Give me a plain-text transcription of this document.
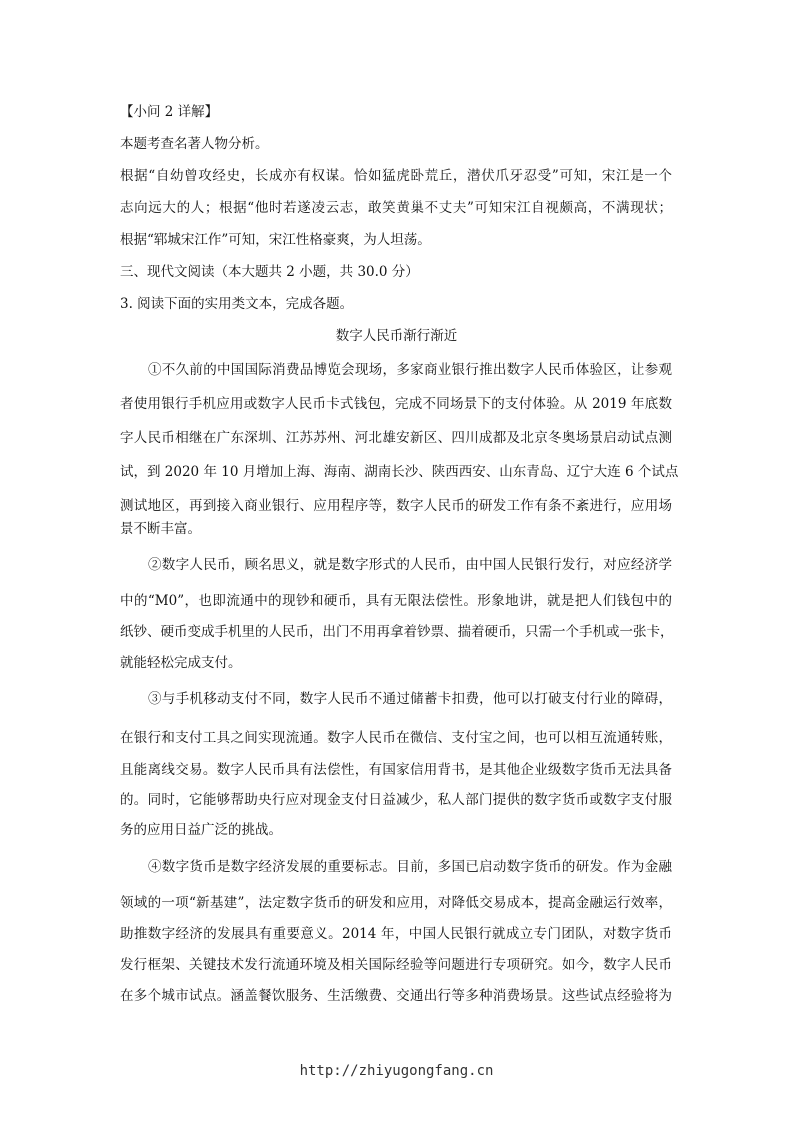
【小问 2 详解】
本题考查名著人物分析。
根据“自幼曾攻经史，长成亦有权谋。恰如猛虎卧荒丘，潜伏爪牙忍受”可知，宋江是一个
志向远大的人；根据“他时若遂凌云志，敢笑黄巢不丈夫”可知宋江自视颇高，不满现状；
根据“郓城宋江作”可知，宋江性格豪爽，为人坦荡。
三、现代文阅读（本大题共 2 小题，共 30.0 分）
3. 阅读下面的实用类文本，完成各题。
数字人民币渐行渐近
①不久前的中国国际消费品博览会现场，多家商业银行推出数字人民币体验区，让参观
者使用银行手机应用或数字人民币卡式钱包，完成不同场景下的支付体验。从 2019 年底数
字人民币相继在广东深圳、江苏苏州、河北雄安新区、四川成都及北京冬奥场景启动试点测
试，到 2020 年 10 月增加上海、海南、湖南长沙、陕西西安、山东青岛、辽宁大连 6 个试点
测试地区，再到接入商业银行、应用程序等，数字人民币的研发工作有条不紊进行，应用场
景不断丰富。
②数字人民币，顾名思义，就是数字形式的人民币，由中国人民银行发行，对应经济学
中的“M0”，也即流通中的现钞和硬币，具有无限法偿性。形象地讲，就是把人们钱包中的
纸钞、硬币变成手机里的人民币，出门不用再拿着钞票、揣着硬币，只需一个手机或一张卡，
就能轻松完成支付。
③与手机移动支付不同，数字人民币不通过储蓄卡扣费，他可以打破支付行业的障碍，
在银行和支付工具之间实现流通。数字人民币在微信、支付宝之间，也可以相互流通转账，
且能离线交易。数字人民币具有法偿性，有国家信用背书，是其他企业级数字货币无法具备
的。同时，它能够帮助央行应对现金支付日益减少，私人部门提供的数字货币或数字支付服
务的应用日益广泛的挑战。
④数字货币是数字经济发展的重要标志。目前，多国已启动数字货币的研发。作为金融
领域的一项“新基建”，法定数字货币的研发和应用，对降低交易成本，提高金融运行效率，
助推数字经济的发展具有重要意义。2014 年，中国人民银行就成立专门团队，对数字货币
发行框架、关键技术发行流通环境及相关国际经验等问题进行专项研究。如今，数字人民币
在多个城市试点。涵盖餐饮服务、生活缴费、交通出行等多种消费场景。这些试点经验将为
http://zhiyugongfang.cn
